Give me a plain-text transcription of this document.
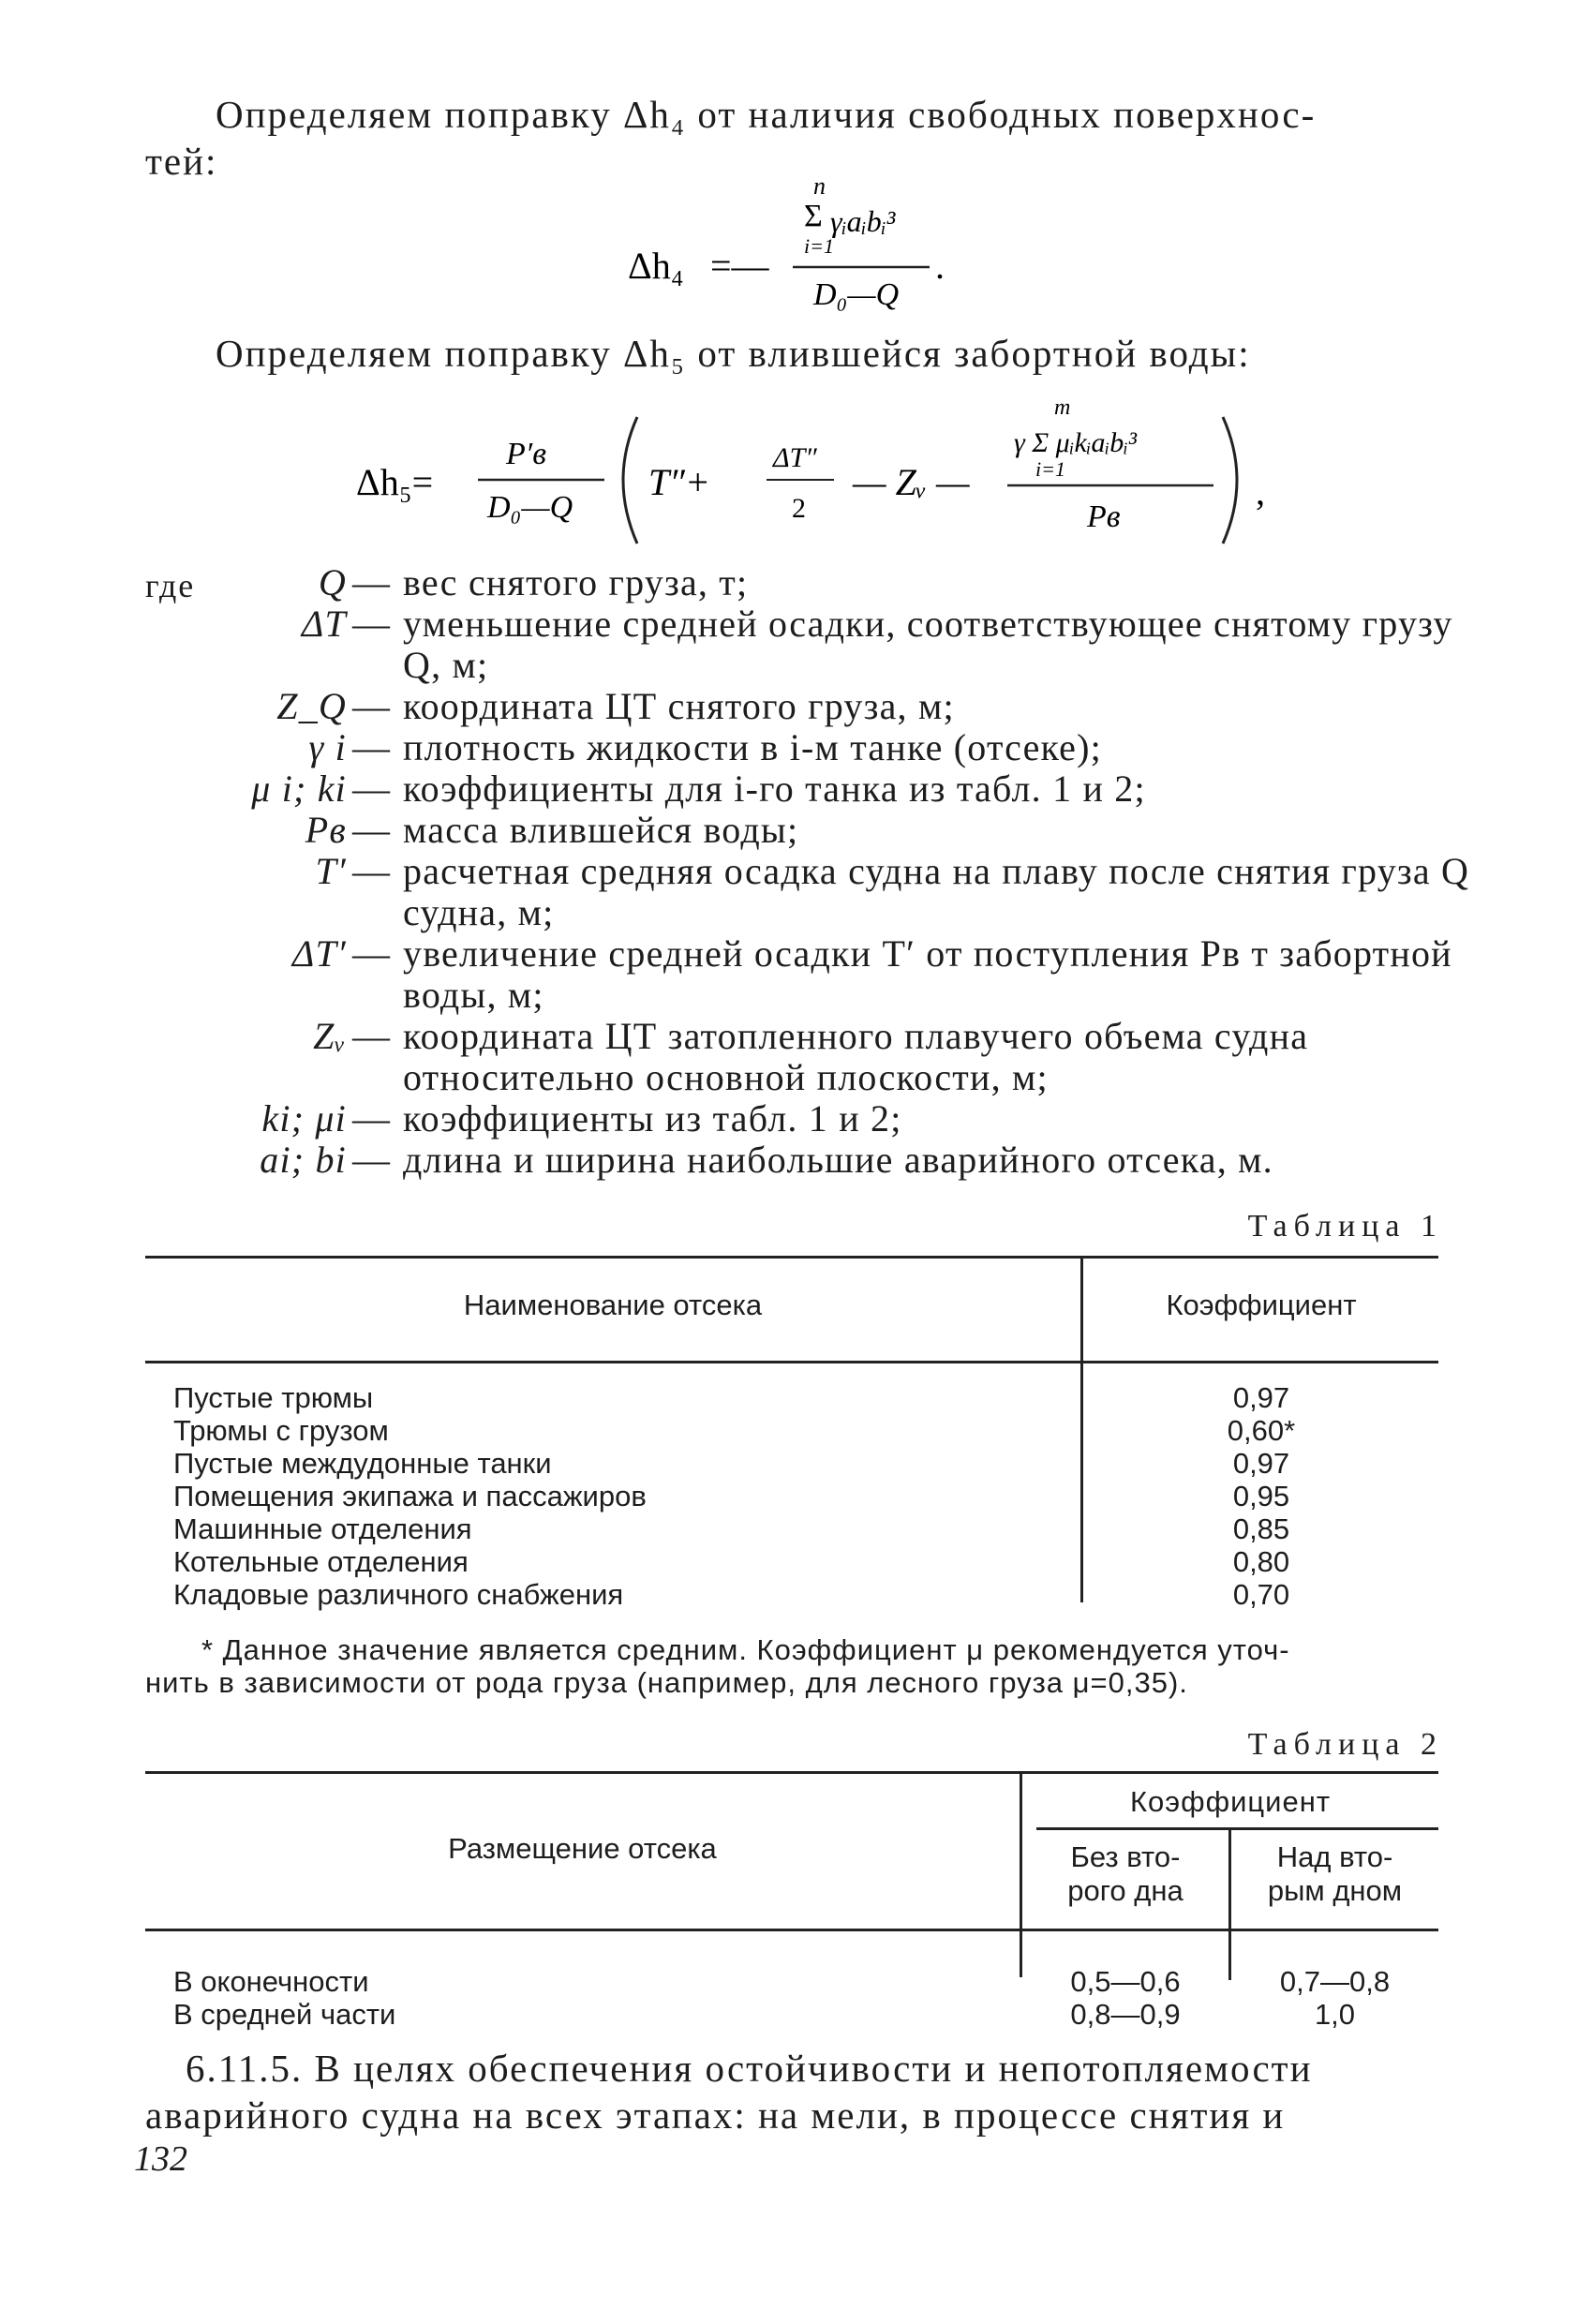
Определяем поправку Δh₄ от наличия свободных поверхнос-
тей:
n
Σ γᵢaᵢbᵢ³
i=1
Δh₄ =—
D₀—Q
.
Определяем поправку Δh₅ от влившейся забортной воды:
Δh₅=
P′в
D₀—Q
T″+
ΔT″
2
— Zᵥ —
m
γ Σ μᵢkᵢaᵢbᵢ³
i=1
Pв
,
где	Q — вес снятого груза, т;
ΔT — уменьшение средней осадки, соответствующее снятому грузу Q, м;
Z_Q — координата ЦТ снятого груза, м;
γ i — плотность жидкости в i-м танке (отсеке);
μ i; ki — коэффициенты для i-го танка из табл. 1 и 2;
Pв — масса влившейся воды;
T′ — расчетная средняя осадка судна на плаву после снятия груза Q судна, м;
ΔT′ — увеличение средней осадки T′ от поступления Pв т забортной воды, м;
Zᵥ — координата ЦТ затопленного плавучего объема судна относительно основной плоскости, м;
ki; μi — коэффициенты из табл. 1 и 2;
ai; bi — длина и ширина наибольшие аварийного отсека, м.
Таблица 1
Наименование отсека	Коэффициент
Пустые трюмы	0,97
Трюмы с грузом	0,60*
Пустые междудонные танки	0,97
Помещения экипажа и пассажиров	0,95
Машинные отделения	0,85
Котельные отделения	0,80
Кладовые различного снабжения	0,70
* Данное значение является средним. Коэффициент μ рекомендуется уточ-
нить в зависимости от рода груза (например, для лесного груза μ=0,35).
Таблица 2
Размещение отсека
Коэффициент
Без вто-
рого дна
Над вто-
рым дном
В оконечности	0,5—0,6	0,7—0,8
В средней части	0,8—0,9	1,0
6.11.5. В целях обеспечения остойчивости и непотопляемости
аварийного судна на всех этапах: на мели, в процессе снятия и
132
